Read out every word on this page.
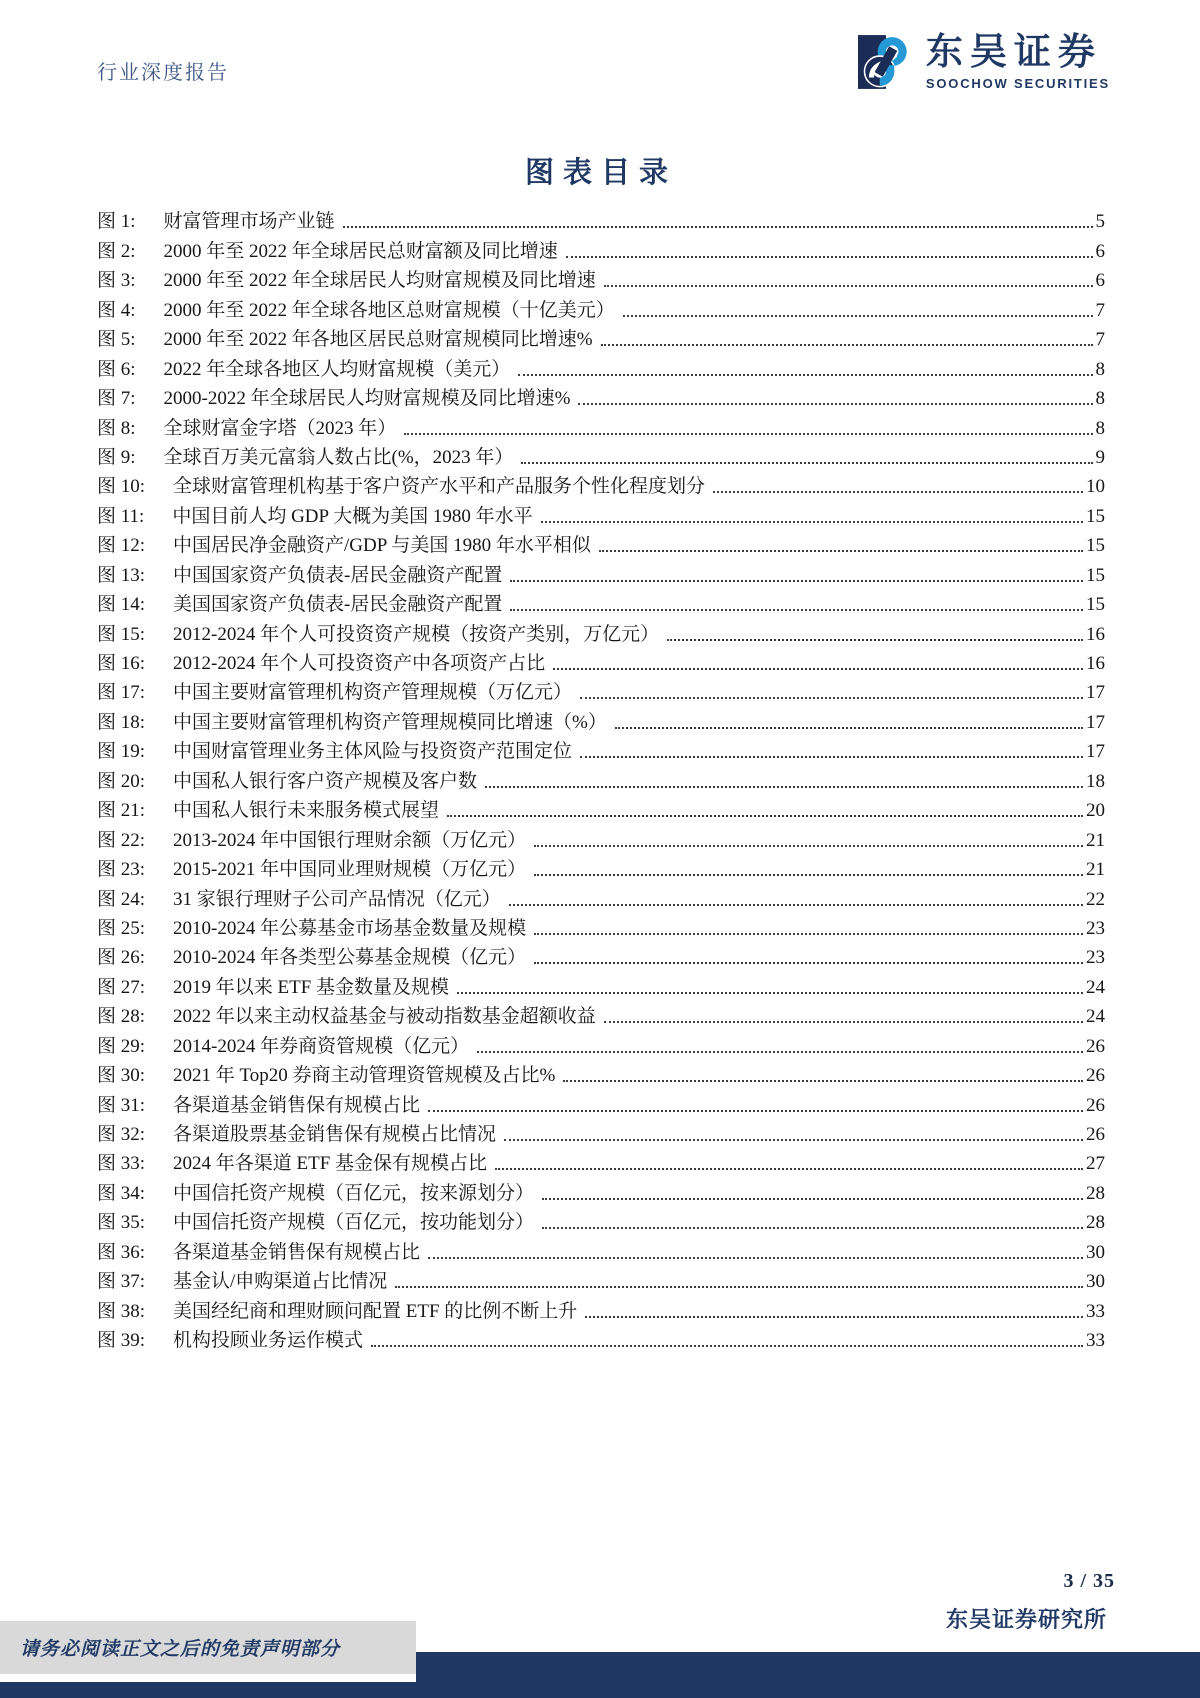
行业深度报告	东吴证券
SOOCHOW SECURITIES
图表目录
图 1: 财富管理市场产业链	5
图 2: 2000 年至 2022 年全球居民总财富额及同比增速	6
图 3: 2000 年至 2022 年全球居民人均财富规模及同比增速	6
图 4: 2000 年至 2022 年全球各地区总财富规模（十亿美元）	7
图 5: 2000 年至 2022 年各地区居民总财富规模同比增速%	7
图 6: 2022 年全球各地区人均财富规模（美元）	8
图 7: 2000-2022 年全球居民人均财富规模及同比增速%	8
图 8: 全球财富金字塔（2023 年）	8
图 9: 全球百万美元富翁人数占比(%，2023 年）	9
图 10: 全球财富管理机构基于客户资产水平和产品服务个性化程度划分	10
图 11: 中国目前人均 GDP 大概为美国 1980 年水平	15
图 12: 中国居民净金融资产/GDP 与美国 1980 年水平相似	15
图 13: 中国国家资产负债表-居民金融资产配置	15
图 14: 美国国家资产负债表-居民金融资产配置	15
图 15: 2012-2024 年个人可投资资产规模（按资产类别，万亿元）	16
图 16: 2012-2024 年个人可投资资产中各项资产占比	16
图 17: 中国主要财富管理机构资产管理规模（万亿元）	17
图 18: 中国主要财富管理机构资产管理规模同比增速（%）	17
图 19: 中国财富管理业务主体风险与投资资产范围定位	17
图 20: 中国私人银行客户资产规模及客户数	18
图 21: 中国私人银行未来服务模式展望	20
图 22: 2013-2024 年中国银行理财余额（万亿元）	21
图 23: 2015-2021 年中国同业理财规模（万亿元）	21
图 24: 31 家银行理财子公司产品情况（亿元）	22
图 25: 2010-2024 年公募基金市场基金数量及规模	23
图 26: 2010-2024 年各类型公募基金规模（亿元）	23
图 27: 2019 年以来 ETF 基金数量及规模	24
图 28: 2022 年以来主动权益基金与被动指数基金超额收益	24
图 29: 2014-2024 年券商资管规模（亿元）	26
图 30: 2021 年 Top20 券商主动管理资管规模及占比%	26
图 31: 各渠道基金销售保有规模占比	26
图 32: 各渠道股票基金销售保有规模占比情况	26
图 33: 2024 年各渠道 ETF 基金保有规模占比	27
图 34: 中国信托资产规模（百亿元，按来源划分）	28
图 35: 中国信托资产规模（百亿元，按功能划分）	28
图 36: 各渠道基金销售保有规模占比	30
图 37: 基金认/申购渠道占比情况	30
图 38: 美国经纪商和理财顾问配置 ETF 的比例不断上升	33
图 39: 机构投顾业务运作模式	33
3 / 35
东吴证券研究所
请务必阅读正文之后的免责声明部分
